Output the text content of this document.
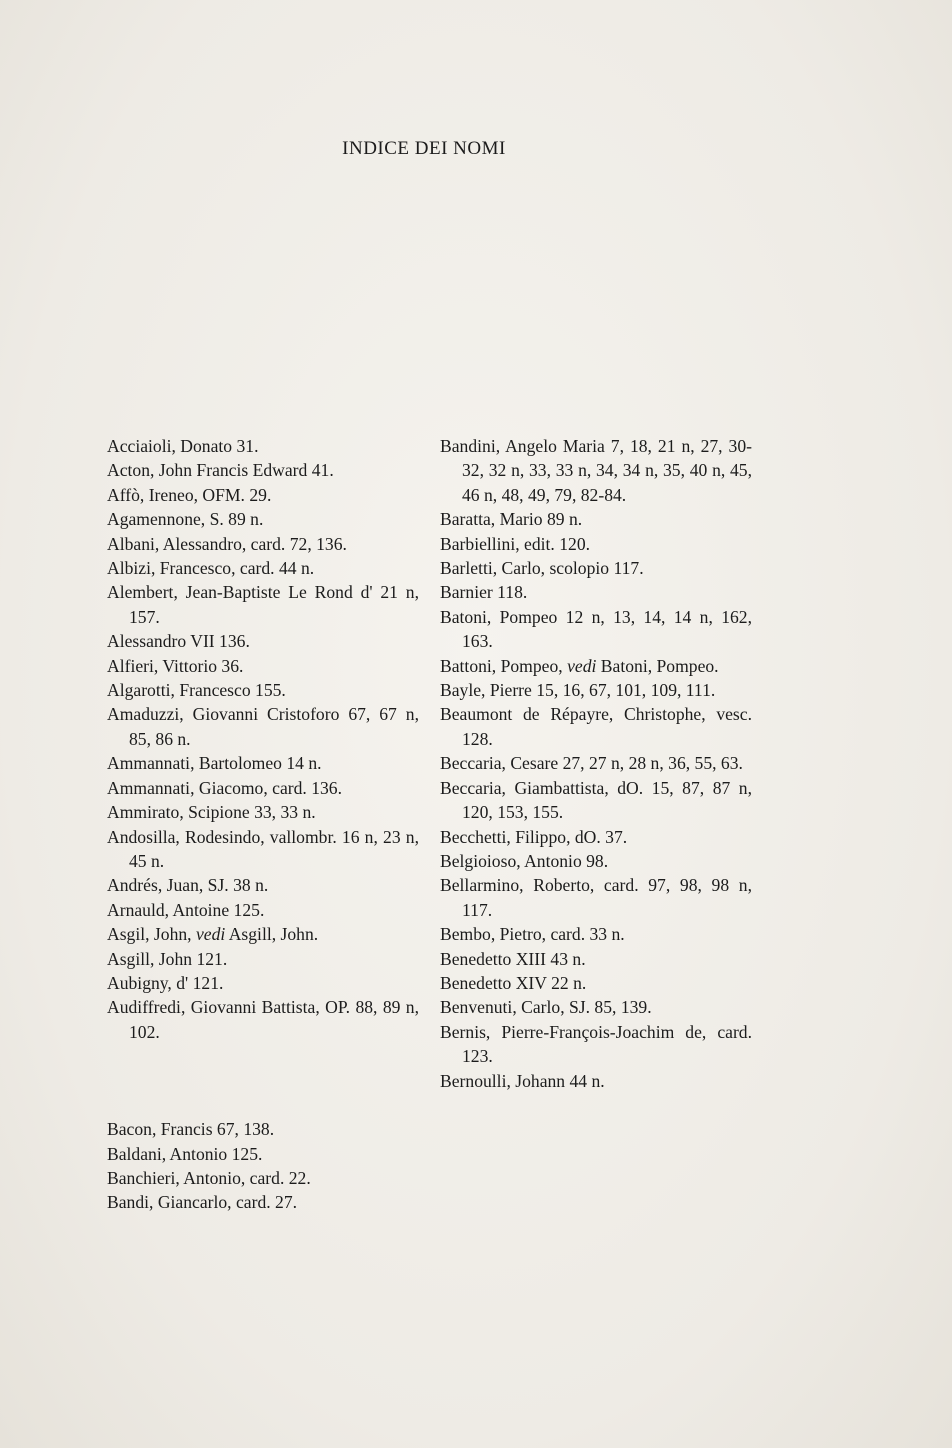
INDICE DEI NOMI
Acciaioli, Donato 31.
Acton, John Francis Edward 41.
Affò, Ireneo, OFM. 29.
Agamennone, S. 89 n.
Albani, Alessandro, card. 72, 136.
Albizi, Francesco, card. 44 n.
Alembert, Jean-Baptiste Le Rond d' 21 n, 157.
Alessandro VII 136.
Alfieri, Vittorio 36.
Algarotti, Francesco 155.
Amaduzzi, Giovanni Cristoforo 67, 67 n, 85, 86 n.
Ammannati, Bartolomeo 14 n.
Ammannati, Giacomo, card. 136.
Ammirato, Scipione 33, 33 n.
Andosilla, Rodesindo, vallombr. 16 n, 23 n, 45 n.
Andrés, Juan, SJ. 38 n.
Arnauld, Antoine 125.
Asgil, John, vedi Asgill, John.
Asgill, John 121.
Aubigny, d' 121.
Audiffredi, Giovanni Battista, OP. 88, 89 n, 102.
Bacon, Francis 67, 138.
Baldani, Antonio 125.
Banchieri, Antonio, card. 22.
Bandi, Giancarlo, card. 27.
Bandini, Angelo Maria 7, 18, 21 n, 27, 30-32, 32 n, 33, 33 n, 34, 34 n, 35, 40 n, 45, 46 n, 48, 49, 79, 82-84.
Baratta, Mario 89 n.
Barbiellini, edit. 120.
Barletti, Carlo, scolopio 117.
Barnier 118.
Batoni, Pompeo 12 n, 13, 14, 14 n, 162, 163.
Battoni, Pompeo, vedi Batoni, Pompeo.
Bayle, Pierre 15, 16, 67, 101, 109, 111.
Beaumont de Répayre, Christophe, vesc. 128.
Beccaria, Cesare 27, 27 n, 28 n, 36, 55, 63.
Beccaria, Giambattista, dO. 15, 87, 87 n, 120, 153, 155.
Becchetti, Filippo, dO. 37.
Belgioioso, Antonio 98.
Bellarmino, Roberto, card. 97, 98, 98 n, 117.
Bembo, Pietro, card. 33 n.
Benedetto XIII 43 n.
Benedetto XIV 22 n.
Benvenuti, Carlo, SJ. 85, 139.
Bernis, Pierre-François-Joachim de, card. 123.
Bernoulli, Johann 44 n.
